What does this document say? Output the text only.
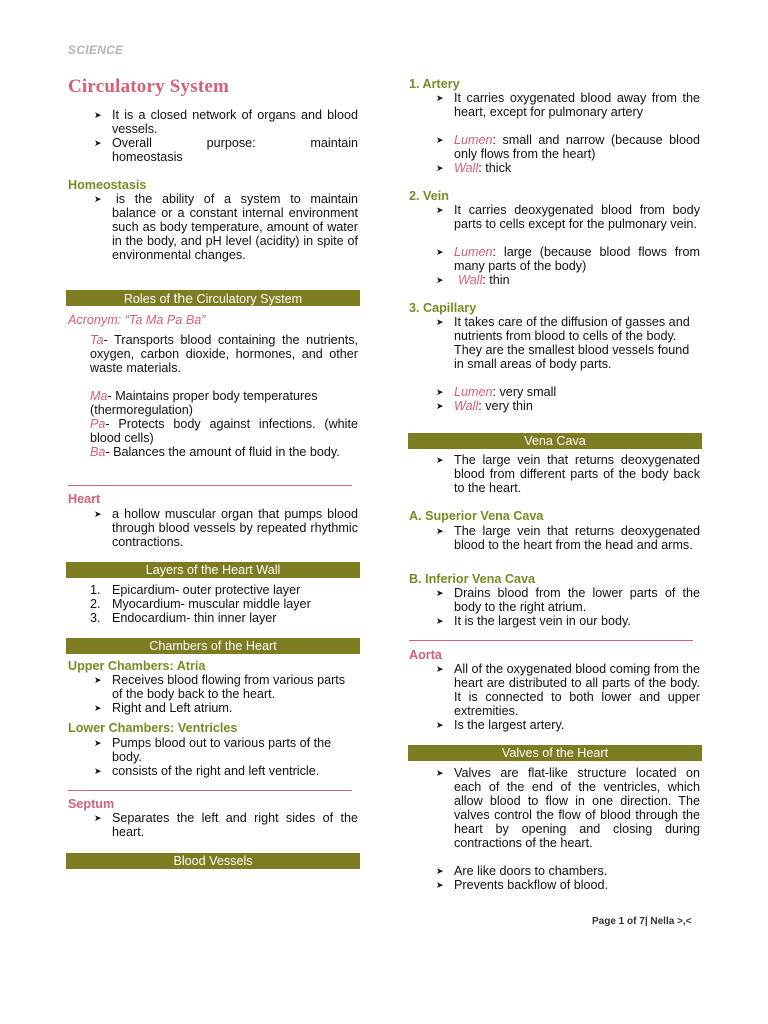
SCIENCE
Circulatory System
➤ It is a closed network of organs and blood vessels.
➤ Overall purpose: maintain homeostasis
Homeostasis
➤ is the ability of a system to maintain balance or a constant internal environment such as body temperature, amount of water in the body, and pH level (acidity) in spite of environmental changes.
Roles of the Circulatory System
Acronym: “Ta Ma Pa Ba”
Ta- Transports blood containing the nutrients, oxygen, carbon dioxide, hormones, and other waste materials.
Ma- Maintains proper body temperatures (thermoregulation)
Pa- Protects body against infections. (white blood cells)
Ba- Balances the amount of fluid in the body.
Heart
➤ a hollow muscular organ that pumps blood through blood vessels by repeated rhythmic contractions.
Layers of the Heart Wall
1. Epicardium- outer protective layer
2. Myocardium- muscular middle layer
3. Endocardium- thin inner layer
Chambers of the Heart
Upper Chambers: Atria
➤ Receives blood flowing from various parts of the body back to the heart.
➤ Right and Left atrium.
Lower Chambers: Ventricles
➤ Pumps blood out to various parts of the body.
➤ consists of the right and left ventricle.
Septum
➤ Separates the left and right sides of the heart.
Blood Vessels
1. Artery
➤ It carries oxygenated blood away from the heart, except for pulmonary artery
➤ Lumen: small and narrow (because blood only flows from the heart)
➤ Wall: thick
2. Vein
➤ It carries deoxygenated blood from body parts to cells except for the pulmonary vein.
➤ Lumen: large (because blood flows from many parts of the body)
➤ Wall: thin
3. Capillary
➤ It takes care of the diffusion of gasses and nutrients from blood to cells of the body. They are the smallest blood vessels found in small areas of body parts.
➤ Lumen: very small
➤ Wall: very thin
Vena Cava
➤ The large vein that returns deoxygenated blood from different parts of the body back to the heart.
A. Superior Vena Cava
➤ The large vein that returns deoxygenated blood to the heart from the head and arms.
B. Inferior Vena Cava
➤ Drains blood from the lower parts of the body to the right atrium.
➤ It is the largest vein in our body.
Aorta
➤ All of the oxygenated blood coming from the heart are distributed to all parts of the body. It is connected to both lower and upper extremities.
➤ Is the largest artery.
Valves of the Heart
➤ Valves are flat-like structure located on each of the end of the ventricles, which allow blood to flow in one direction. The valves control the flow of blood through the heart by opening and closing during contractions of the heart.
➤ Are like doors to chambers.
➤ Prevents backflow of blood.
Page 1 of 7| Nella >,<
